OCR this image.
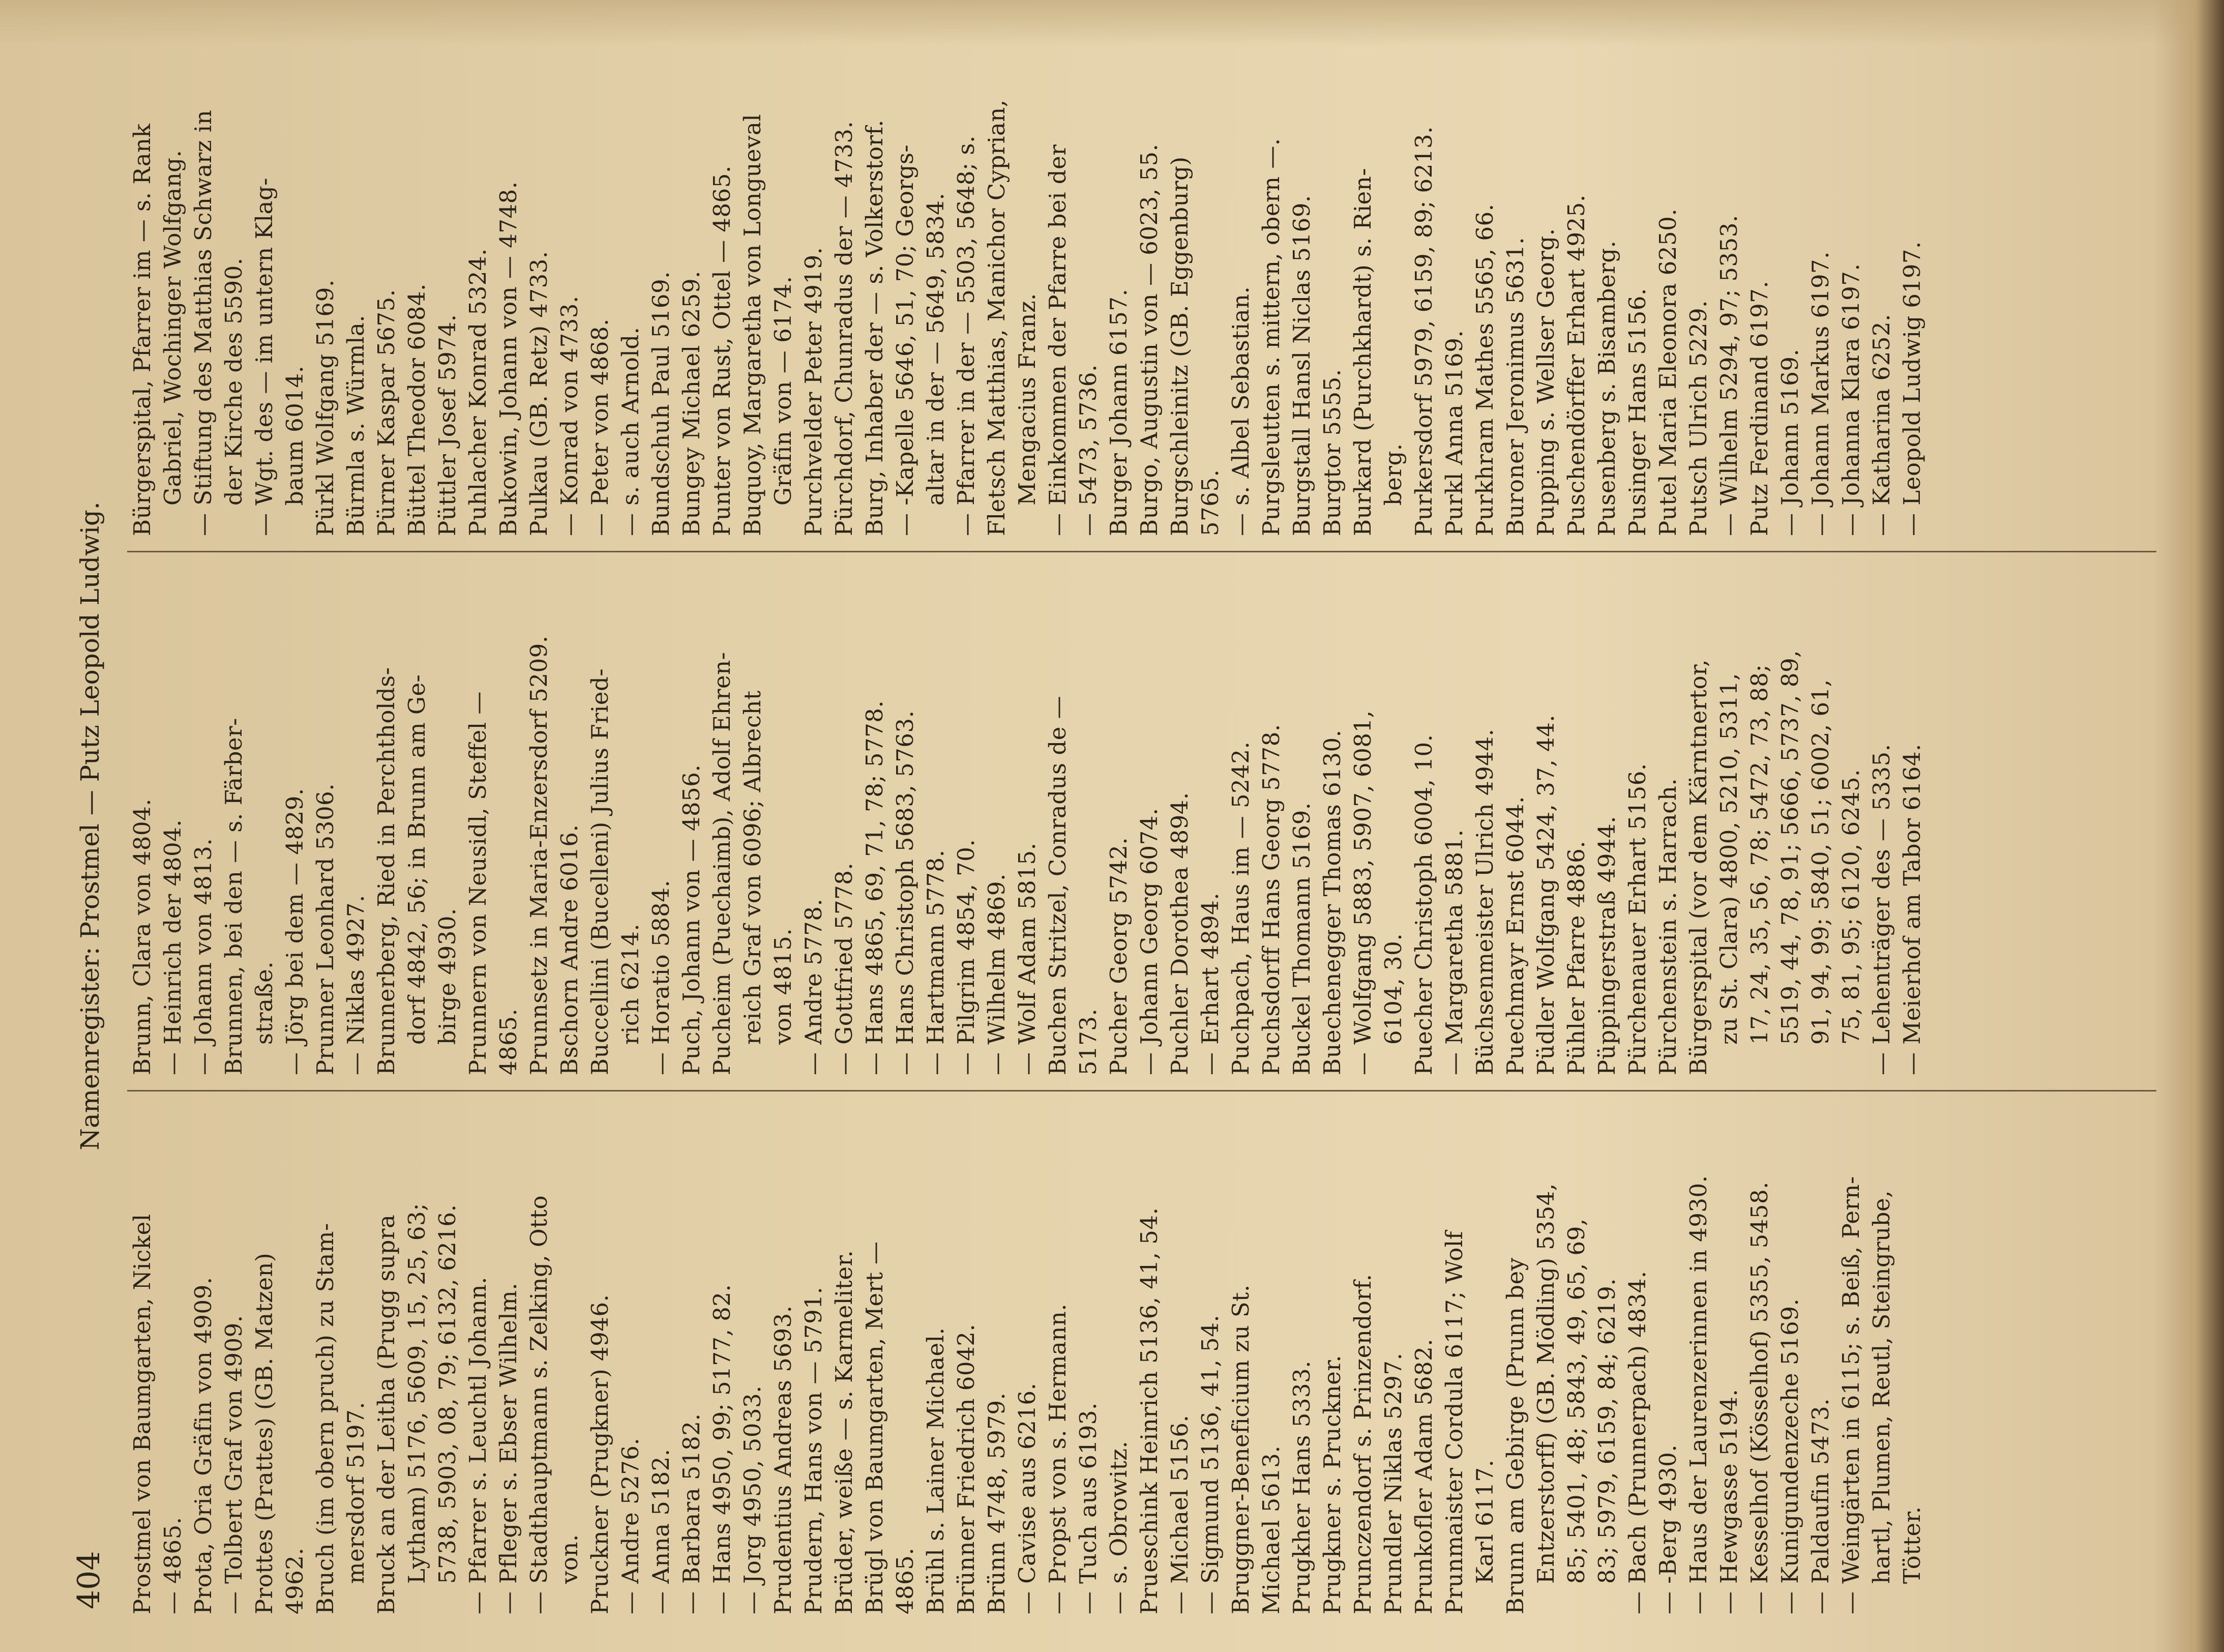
404
Namenregister: Prostmel — Putz Leopold Ludwig.
Prostmel von Baumgarten, Nickel — 4865. Prota, Oria Gräfin von 4909. — Tolbert Graf von 4909. Prottes (Prattes) (GB. Matzen) 4962. Bruch (im obern pruch) zu Stam- mersdorf 5197. Bruck an der Leitha (Prugg supra Lytham) 5176, 5609, 15, 25, 63; 5738, 5903, 08, 79; 6132, 6216. — Pfarrer s. Leuchtl Johann. — Pfleger s. Ebser Wilhelm. — Stadthauptmann s. Zelking, Otto von. Pruckner (Prugkner) 4946. — Andre 5276. — Anna 5182. — Barbara 5182. — Hans 4950, 99; 5177, 82. — Jorg 4950, 5033. Prudentius Andreas 5693. Prudern, Hans von — 5791. Brüder, weiße — s. Karmeliter. Brügl von Baumgarten, Mert — 4865. Brühl s. Lainer Michael. Brünner Friedrich 6042. Brünn 4748, 5979. — Cavise aus 6216. — Propst von s. Hermann. — Tuch aus 6193. — s. Obrowitz. Prueschink Heinrich 5136, 41, 54. — Michael 5156. — Sigmund 5136, 41, 54. Bruggner-Beneficium zu St. Michael 5613. Prugkher Hans 5333. Prugkner s. Pruckner. Prunczendorf s. Prinzendorf. Prundler Niklas 5297. Prunkofler Adam 5682. Prunmaister Cordula 6117; Wolf Karl 6117. Brunn am Gebirge (Prunn bey Entzerstorff) (GB. Mödling) 5354, 85; 5401, 48; 5843, 49, 65, 69, 83; 5979, 6159, 84; 6219. — Bach (Prunnerpach) 4834. — -Berg 4930. — Haus der Laurenzerinnen in 4930. — Hewgasse 5194. — Kesselhof (Kösselhof) 5355, 5458. — Kunigundenzeche 5169. — Paldaufin 5473. — Weingärten in 6115; s. Beiß, Pern- hartl, Plumen, Reutl, Steingrube, Tötter.
Brunn, Clara von 4804. — Heinrich der 4804. — Johann von 4813. Brunnen, bei den — s. Färber- straße. — Jörg bei dem — 4829. Prunner Leonhard 5306. — Niklas 4927. Brunnerberg, Ried in Perchtholds- dorf 4842, 56; in Brunn am Ge- birge 4930. Prunnern von Neusidl, Steffel — 4865. Prunnsetz in Maria-Enzersdorf 5209. Bschorn Andre 6016. Buccellini (Bucelleni) Julius Fried- rich 6214. — Horatio 5884. Puch, Johann von — 4856. Pucheim (Puechaimb), Adolf Ehren- reich Graf von 6096; Albrecht von 4815. — Andre 5778. — Gottfried 5778. — Hans 4865, 69, 71, 78; 5778. — Hans Christoph 5683, 5763. — Hartmann 5778. — Pilgrim 4854, 70. — Wilhelm 4869. — Wolf Adam 5815. Buchen Stritzel, Conradus de — 5173. Pucher Georg 5742. — Johann Georg 6074. Puchler Dorothea 4894. — Erhart 4894. Puchpach, Haus im — 5242. Puchsdorff Hans Georg 5778. Buckel Thomann 5169. Buechenegger Thomas 6130. — Wolfgang 5883, 5907, 6081, 6104, 30. Puecher Christoph 6004, 10. — Margaretha 5881. Büchsenmeister Ulrich 4944. Puechmayr Ernst 6044. Püdler Wolfgang 5424, 37, 44. Pühler Pfarre 4886. Püppingerstraß 4944. Pürchenauer Erhart 5156. Pürchenstein s. Harrach. Bürgerspital (vor dem Kärntnertor, zu St. Clara) 4800, 5210, 5311, 17, 24, 35, 56, 78; 5472, 73, 88; 5519, 44, 78, 91; 5666, 5737, 89, 91, 94, 99; 5840, 51; 6002, 61, 75, 81, 95; 6120, 6245. — Lehenträger des — 5335. — Meierhof am Tabor 6164.
Bürgerspital, Pfarrer im — s. Rank Gabriel, Wochinger Wolfgang. — Stiftung des Matthias Schwarz in der Kirche des 5590. — Wgt. des — im untern Klag- baum 6014. Pürkl Wolfgang 5169. Bürmla s. Würmla. Pürner Kaspar 5675. Büttel Theodor 6084. Püttler Josef 5974. Puhlacher Konrad 5324. Bukowin, Johann von — 4748. Pulkau (GB. Retz) 4733. — Konrad von 4733. — Peter von 4868. — s. auch Arnold. Bundschuh Paul 5169. Bungey Michael 6259. Punter von Rust, Ottel — 4865. Buquoy, Margaretha von Longueval Gräfin von — 6174. Purchvelder Peter 4919. Pürchdorf, Chunradus der — 4733. Burg, Inhaber der — s. Volkerstorf. — -Kapelle 5646, 51, 70; Georgs- altar in der — 5649, 5834. — Pfarrer in der — 5503, 5648; s. Fletsch Matthias, Manichor Cyprian, Mengacius Franz. — Einkommen der Pfarre bei der — 5473, 5736. Burger Johann 6157. Burgo, Augustin von — 6023, 55. Burgschleinitz (GB. Eggenburg) 5765. — s. Albel Sebastian. Purgsleutten s. mittern, obern —. Burgstall Hansl Niclas 5169. Burgtor 5555. Burkard (Purchkhardt) s. Rien- berg. Purkersdorf 5979, 6159, 89; 6213. Purkl Anna 5169. Purkhram Mathes 5565, 66. Buroner Jeronimus 5631. Pupping s. Wellser Georg. Puschendörffer Erhart 4925. Pusenberg s. Bisamberg. Pusinger Hans 5156. Putel Maria Eleonora 6250. Putsch Ulrich 5229. — Wilhelm 5294, 97; 5353. Putz Ferdinand 6197. — Johann 5169. — Johann Markus 6197. — Johanna Klara 6197. — Katharina 6252. — Leopold Ludwig 6197.
